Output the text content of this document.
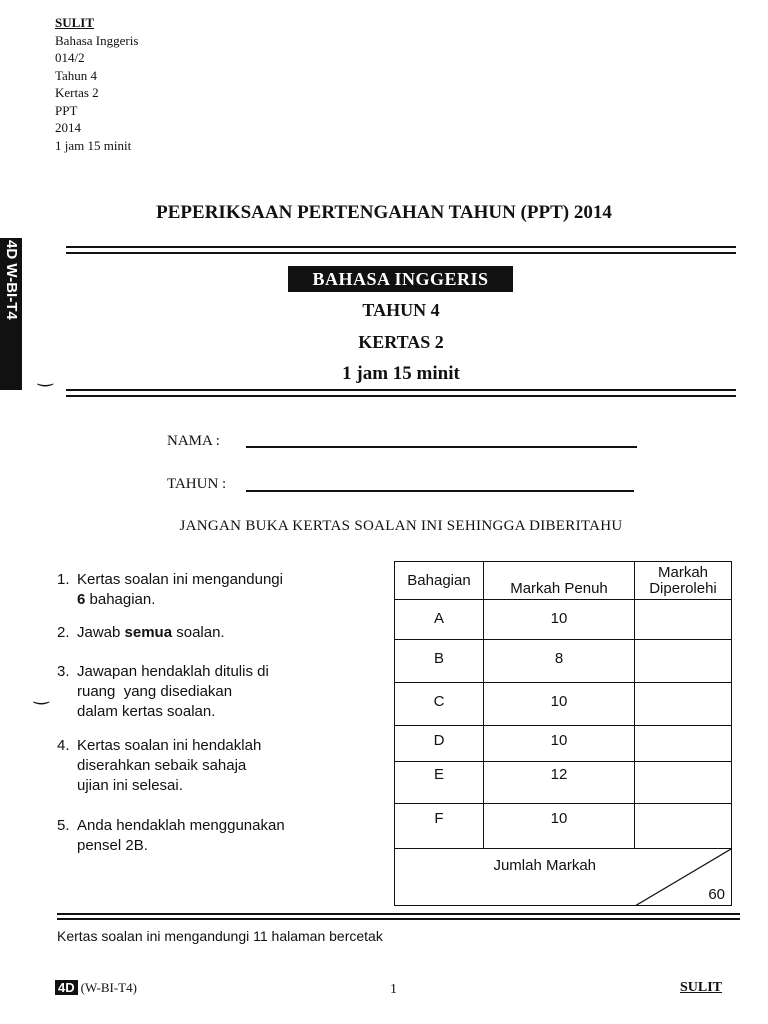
SULIT
Bahasa Inggeris
014/2
Tahun 4
Kertas 2
PPT
2014
1 jam 15 minit
4D W-BI-T4
‿
‿
PEPERIKSAAN PERTENGAHAN TAHUN (PPT) 2014
BAHASA INGGERIS
TAHUN 4
KERTAS 2
1 jam 15 minit
NAMA :
TAHUN :
JANGAN BUKA KERTAS SOALAN INI SEHINGGA DIBERITAHU
1. Kertas soalan ini mengandungi
6 bahagian.
2. Jawab semua soalan.
3. Jawapan hendaklah ditulis di
ruang  yang disediakan
dalam kertas soalan.
4. Kertas soalan ini hendaklah
diserahkan sebaik sahaja
ujian ini selesai.
5. Anda hendaklah menggunakan
pensel 2B.
Bahagian	Markah Penuh	Markah
Diperolehi

A	10	
B	8	
C	10	
D	10	
E	12	
F	10	
Jumlah Markah		60
Kertas soalan ini mengandungi 11 halaman bercetak
4D (W-BI-T4)	1	SULIT
